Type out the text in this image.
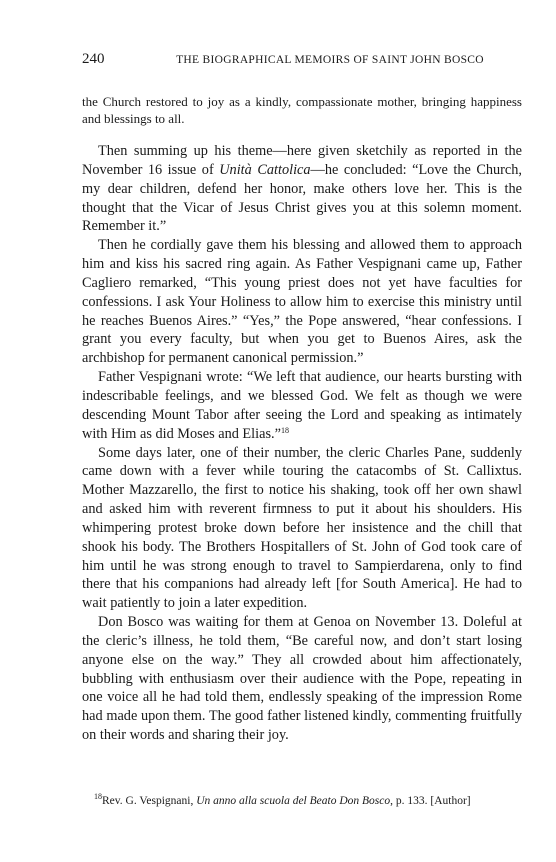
240	THE BIOGRAPHICAL MEMOIRS OF SAINT JOHN BOSCO

the Church restored to joy as a kindly, compassionate mother, bringing happiness and blessings to all.

Then summing up his theme—here given sketchily as reported in the November 16 issue of Unità Cattolica—he concluded: “Love the Church, my dear children, defend her honor, make others love her. This is the thought that the Vicar of Jesus Christ gives you at this solemn moment. Remember it.”

Then he cordially gave them his blessing and allowed them to approach him and kiss his sacred ring again. As Father Vespignani came up, Father Cagliero remarked, “This young priest does not yet have faculties for confessions. I ask Your Holiness to allow him to exercise this ministry until he reaches Buenos Aires.” “Yes,” the Pope answered, “hear confessions. I grant you every faculty, but when you get to Buenos Aires, ask the archbishop for permanent canonical permission.”

Father Vespignani wrote: “We left that audience, our hearts bursting with indescribable feelings, and we blessed God. We felt as though we were descending Mount Tabor after seeing the Lord and speaking as intimately with Him as did Moses and Elias.”$^{18}$

Some days later, one of their number, the cleric Charles Pane, suddenly came down with a fever while touring the catacombs of St. Callixtus. Mother Mazzarello, the first to notice his shaking, took off her own shawl and asked him with reverent firmness to put it about his shoulders. His whimpering protest broke down before her insistence and the chill that shook his body. The Brothers Hospitallers of St. John of God took care of him until he was strong enough to travel to Sampierdarena, only to find there that his companions had already left [for South America]. He had to wait patiently to join a later expedition.

Don Bosco was waiting for them at Genoa on November 13. Doleful at the cleric’s illness, he told them, “Be careful now, and don’t start losing anyone else on the way.” They all crowded about him affectionately, bubbling with enthusiasm over their audience with the Pope, repeating in one voice all he had told them, endlessly speaking of the impression Rome had made upon them. The good father listened kindly, commenting fruitfully on their words and sharing their joy.

$^{18}$Rev. G. Vespignani, Un anno alla scuola del Beato Don Bosco, p. 133. [Author]
